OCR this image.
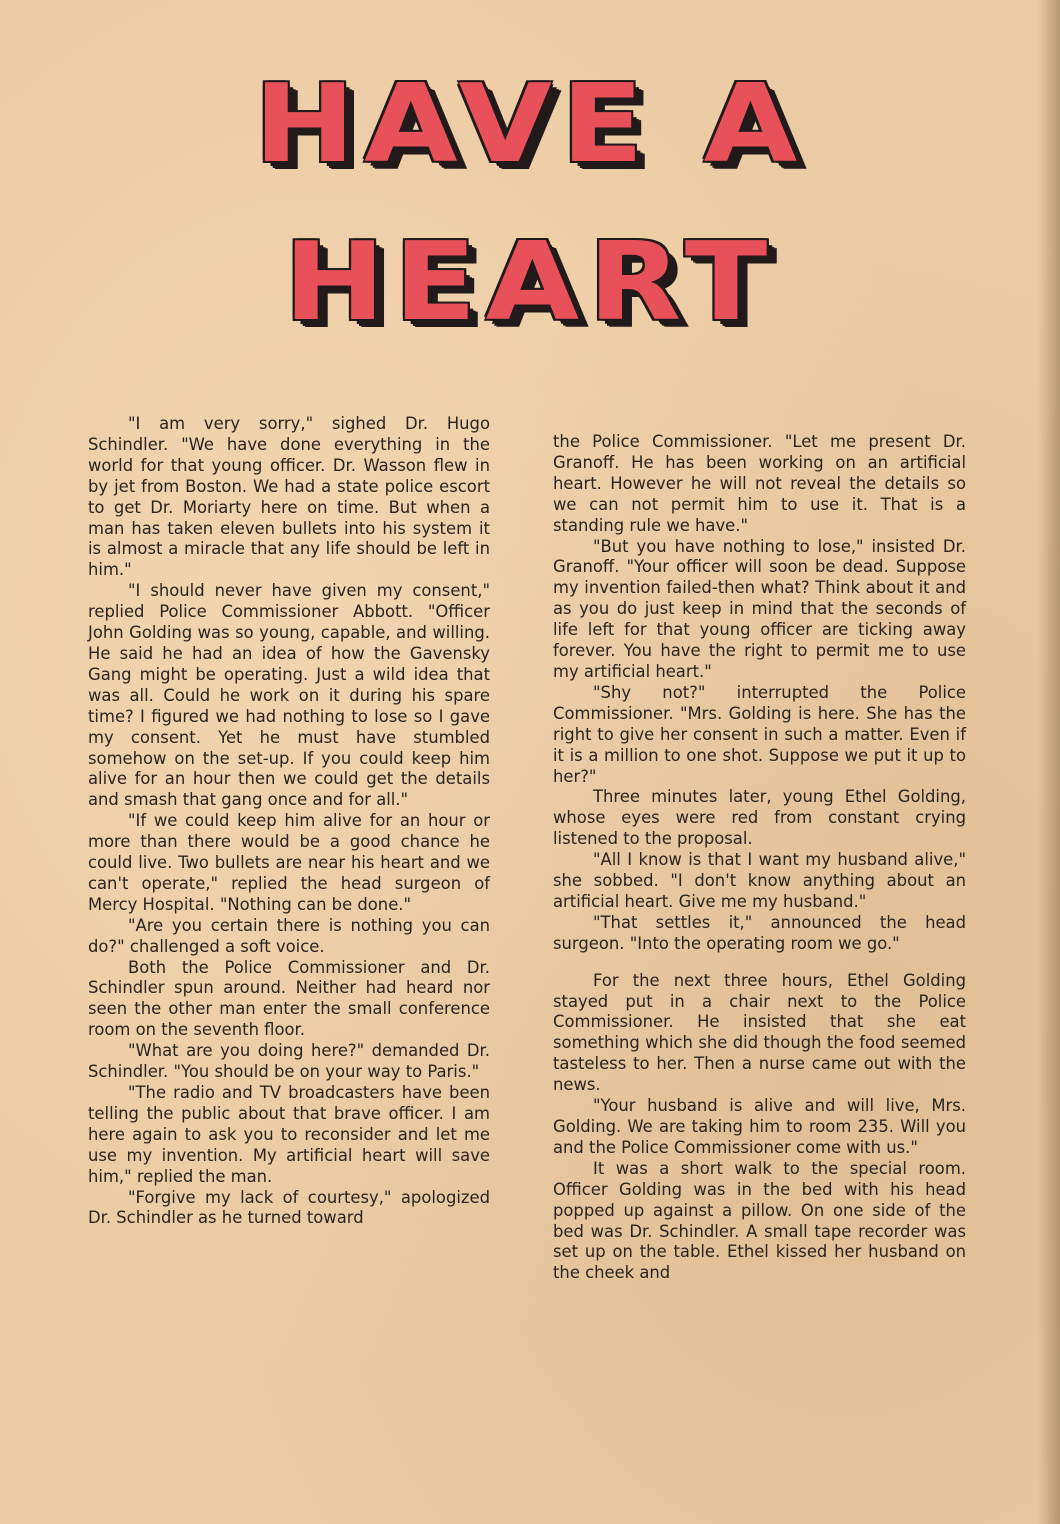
HAVE A
HEART

"I am very sorry," sighed Dr. Hugo Schindler. "We have done everything in the world for that young officer. Dr. Wasson flew in by jet from Boston. We had a state police escort to get Dr. Moriarty here on time. But when a man has taken eleven bullets into his system it is almost a miracle that any life should be left in him."

"I should never have given my consent," replied Police Commissioner Abbott. "Officer John Golding was so young, capable, and willing. He said he had an idea of how the Gavensky Gang might be operating. Just a wild idea that was all. Could he work on it during his spare time? I figured we had nothing to lose so I gave my consent. Yet he must have stumbled somehow on the set-up. If you could keep him alive for an hour then we could get the details and smash that gang once and for all."

"If we could keep him alive for an hour or more than there would be a good chance he could live. Two bullets are near his heart and we can't operate," replied the head surgeon of Mercy Hospital. "Nothing can be done."

"Are you certain there is nothing you can do?" challenged a soft voice.

Both the Police Commissioner and Dr. Schindler spun around. Neither had heard nor seen the other man enter the small conference room on the seventh floor.

"What are you doing here?" demanded Dr. Schindler. "You should be on your way to Paris."

"The radio and TV broadcasters have been telling the public about that brave officer. I am here again to ask you to reconsider and let me use my invention. My artificial heart will save him," replied the man.

"Forgive my lack of courtesy," apologized Dr. Schindler as he turned toward

the Police Commissioner. "Let me present Dr. Granoff. He has been working on an artificial heart. However he will not reveal the details so we can not permit him to use it. That is a standing rule we have."

"But you have nothing to lose," insisted Dr. Granoff. "Your officer will soon be dead. Suppose my invention failed-then what? Think about it and as you do just keep in mind that the seconds of life left for that young officer are ticking away forever. You have the right to permit me to use my artificial heart."

"Shy not?" interrupted the Police Commissioner. "Mrs. Golding is here. She has the right to give her consent in such a matter. Even if it is a million to one shot. Suppose we put it up to her?"

Three minutes later, young Ethel Golding, whose eyes were red from constant crying listened to the proposal.

"All I know is that I want my husband alive," she sobbed. "I don't know anything about an artificial heart. Give me my husband."

"That settles it," announced the head surgeon. "Into the operating room we go."

For the next three hours, Ethel Golding stayed put in a chair next to the Police Commissioner. He insisted that she eat something which she did though the food seemed tasteless to her. Then a nurse came out with the news.

"Your husband is alive and will live, Mrs. Golding. We are taking him to room 235. Will you and the Police Commissioner come with us."

It was a short walk to the special room. Officer Golding was in the bed with his head popped up against a pillow. On one side of the bed was Dr. Schindler. A small tape recorder was set up on the table. Ethel kissed her husband on the cheek and
